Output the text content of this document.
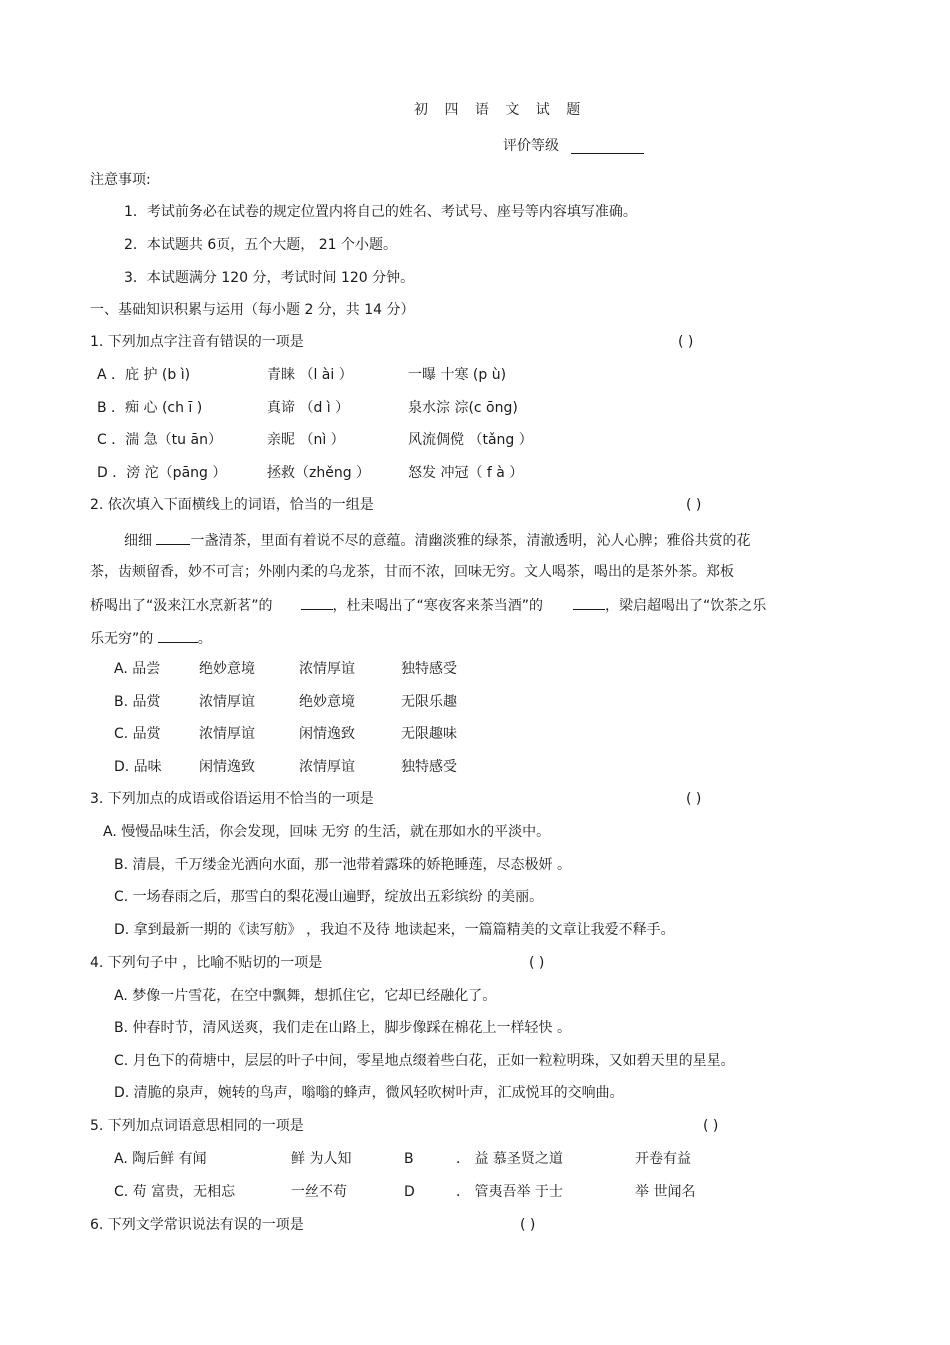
初 四 语 文 试 题
评价等级
注意事项:
1．考试前务必在试卷的规定位置内将自己的姓名、考试号、座号等内容填写准确。
2．本试题共 6页，五个大题， 21 个小题。
3．本试题满分 120 分，考试时间 120 分钟。
一、基础知识积累与运用（每小题 2 分，共 14 分）
1. 下列加点字注音有错误的一项是	( )
A ．庇 护 (b ì)	青睐 （l ài ）	一曝 十寒 (p ù)
B ．痴 心 (ch ī )	真谛 （d ì ）	泉水淙 淙(c ōng)
C ．湍 急（tu ān）	亲昵 （nì ）	风流倜傥 （tǎng ）
D ．滂 沱（pāng ）	拯救（zhěng ）	怒发 冲冠（ f à ）
2. 依次填入下面横线上的词语，恰当的一组是	( )
细细 一盏清茶，里面有着说不尽的意蕴。清幽淡雅的绿茶，清澈透明，沁人心脾；雅俗共赏的花
茶，齿颊留香，妙不可言；外刚内柔的乌龙茶，甘而不浓，回味无穷。文人喝茶，喝出的是茶外茶。郑板
桥喝出了“汲来江水烹新茗”的	，杜耒喝出了“寒夜客来茶当酒”的	，梁启超喝出了“饮茶之乐
乐无穷”的	。
A. 品尝	绝妙意境	浓情厚谊	独特感受
B. 品赏	浓情厚谊	绝妙意境	无限乐趣
C. 品赏	浓情厚谊	闲情逸致	无限趣味
D. 品味	闲情逸致	浓情厚谊	独特感受
3. 下列加点的成语或俗语运用不恰当的一项是	( )
A. 慢慢品味生活，你会发现，回味 无穷 的生活，就在那如水的平淡中。
B. 清晨，千万缕金光洒向水面，那一池带着露珠的娇艳睡莲，尽态极妍 。
C. 一场春雨之后，那雪白的梨花漫山遍野，绽放出五彩缤纷 的美丽。
D. 拿到最新一期的《读写舫》 ，我迫不及待 地读起来，一篇篇精美的文章让我爱不释手。
4. 下列句子中 ，比喻不贴切的一项是	( )
A. 梦像一片雪花，在空中飘舞，想抓住它，它却已经融化了。
B. 仲春时节，清风送爽，我们走在山路上，脚步像踩在棉花上一样轻快 。
C. 月色下的荷塘中，层层的叶子中间，零星地点缀着些白花，正如一粒粒明珠，又如碧天里的星星。
D. 清脆的泉声，婉转的鸟声，嗡嗡的蜂声，微风轻吹树叶声，汇成悦耳的交响曲。
5. 下列加点词语意思相同的一项是	( )
A. 陶后鲜 有闻	鲜 为人知	B	． 益 慕圣贤之道	开卷有益
C. 苟 富贵，无相忘	一丝不苟	D	． 管夷吾举 于士	举 世闻名
6. 下列文学常识说法有误的一项是	( )
